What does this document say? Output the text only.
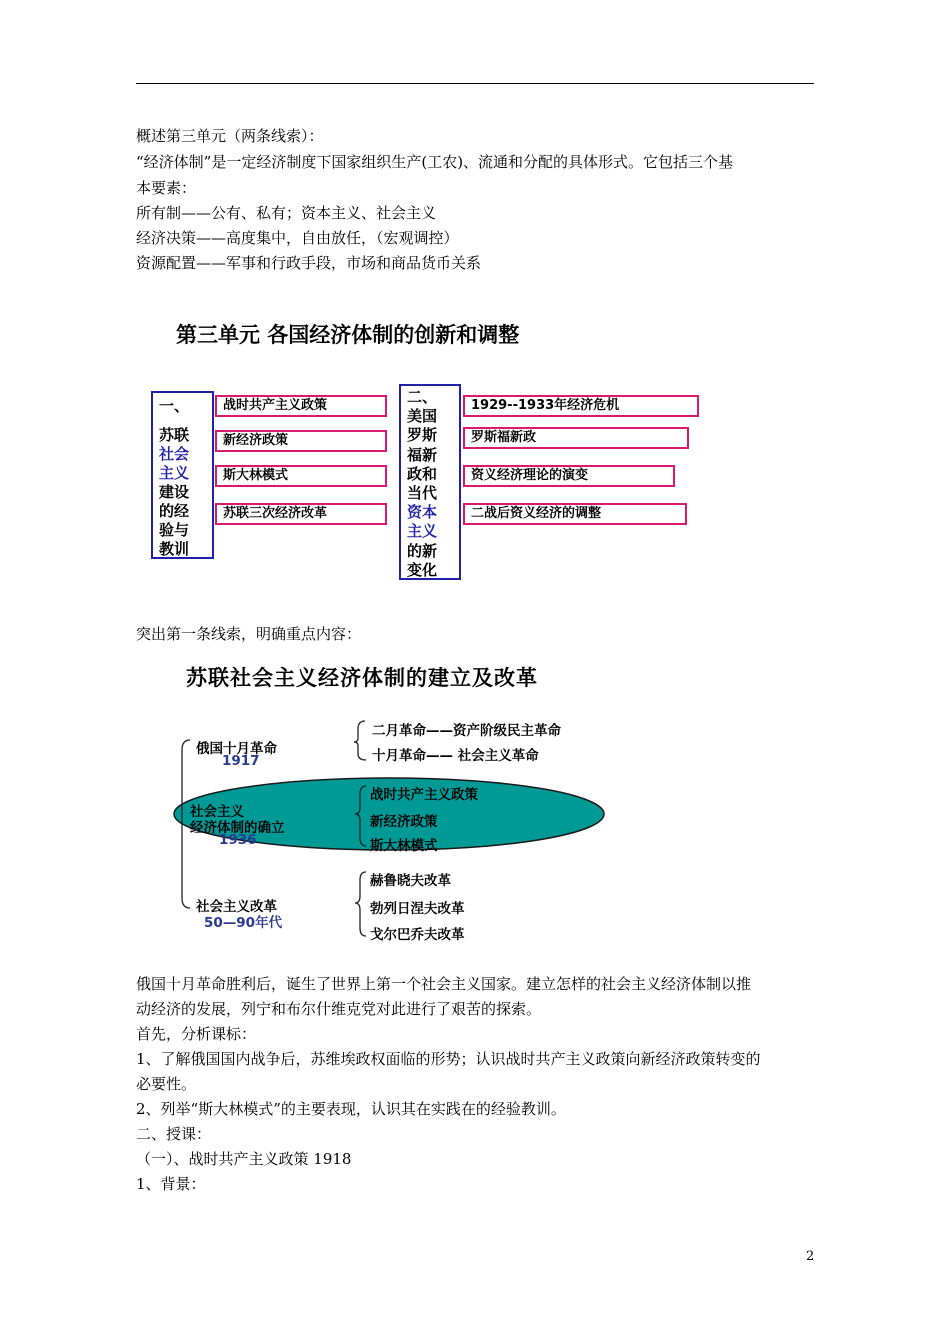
概述第三单元（两条线索）：
“经济体制”是一定经济制度下国家组织生产(工农)、流通和分配的具体形式。它包括三个基
本要素：
所有制——公有、私有；资本主义、社会主义
经济决策——高度集中，自由放任，（宏观调控）
资源配置——军事和行政手段，市场和商品货币关系
第三单元 各国经济体制的创新和调整
一、
苏联
社会
主义
建设
的经
验与
教训
战时共产主义政策
新经济政策
斯大林模式
苏联三次经济改革
二、
美国
罗斯
福新
政和
当代
资本
主义
的新
变化
1929--1933年经济危机
罗斯福新政
资义经济理论的演变
二战后资义经济的调整
突出第一条线索，明确重点内容：
苏联社会主义经济体制的建立及改革
俄国十月革命
1917
二月革命——资产阶级民主革命
十月革命—— 社会主义革命
社会主义
经济体制的确立
1936
战时共产主义政策
新经济政策
斯大林模式
社会主义改革
50—90年代
赫鲁晓夫改革
勃列日涅夫改革
戈尔巴乔夫改革
俄国十月革命胜利后，诞生了世界上第一个社会主义国家。建立怎样的社会主义经济体制以推
动经济的发展，列宁和布尔什维克党对此进行了艰苦的探索。
首先，分析课标：
1、了解俄国国内战争后，苏维埃政权面临的形势；认识战时共产主义政策向新经济政策转变的
必要性。
2、列举“斯大林模式”的主要表现，认识其在实践在的经验教训。
二、授课：
（一）、战时共产主义政策 1918
1、背景：
2
